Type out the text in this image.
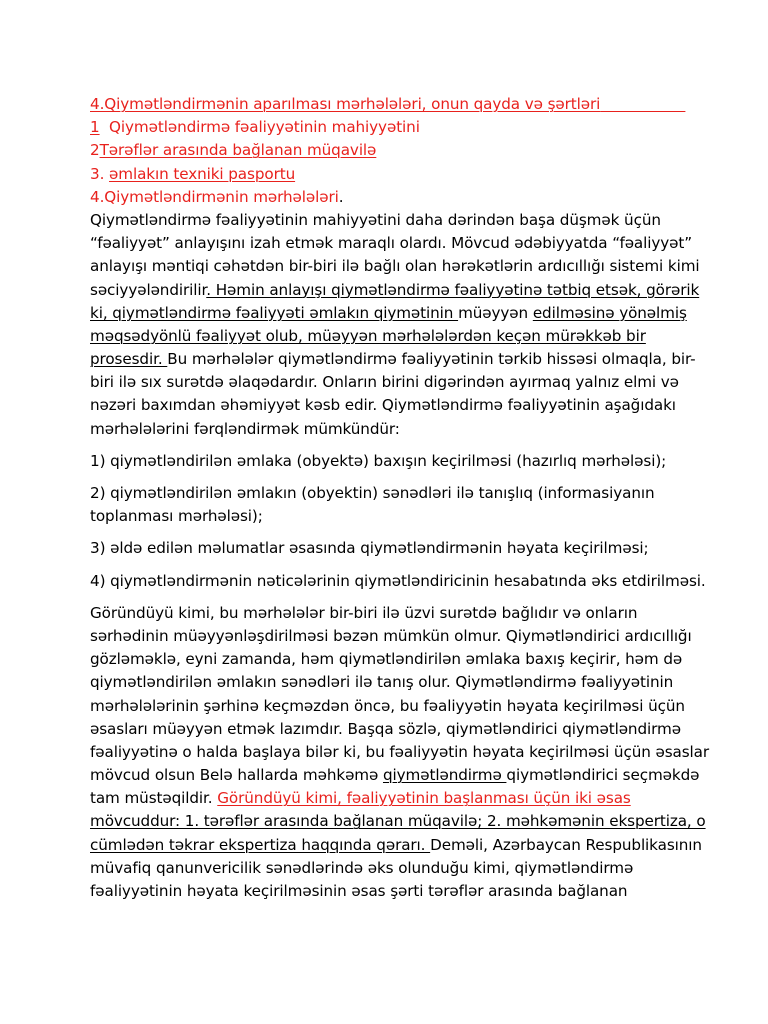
4.Qiymətləndirmənin aparılması mərhələləri, onun qayda və şərtləri
1 Qiymətləndirmə fəaliyyətinin mahiyyətini
2Tərəflər arasında bağlanan müqavilə
3. əmlakın texniki pasportu
4.Qiymətləndirmənin mərhələləri.
Qiymətləndirmə fəaliyyətinin mahiyyətini daha dərindən başa düşmək üçün
“fəaliyyət” anlayışını izah etmək maraqlı olardı. Mövcud ədəbiyyatda “fəaliyyət”
anlayışı məntiqi cəhətdən bir-biri ilə bağlı olan hərəkətlərin ardıcıllığı sistemi kimi
səciyyələndirilir. Həmin anlayışı qiymətləndirmə fəaliyyətinə tətbiq etsək, görərik
ki, qiymətləndirmə fəaliyyəti əmlakın qiymətinin müəyyən edilməsinə yönəlmiş
məqsədyönlü fəaliyyət olub, müəyyən mərhələlərdən keçən mürəkkəb bir
prosesdir. Bu mərhələlər qiymətləndirmə fəaliyyətinin tərkib hissəsi olmaqla, bir-
biri ilə sıx surətdə əlaqədardır. Onların birini digərindən ayırmaq yalnız elmi və
nəzəri baxımdan əhəmiyyət kəsb edir. Qiymətləndirmə fəaliyyətinin aşağıdakı
mərhələlərini fərqləndirmək mümkündür:
1) qiymətləndirilən əmlaka (obyektə) baxışın keçirilməsi (hazırlıq mərhələsi);
2) qiymətləndirilən əmlakın (obyektin) sənədləri ilə tanışlıq (informasiyanın
toplanması mərhələsi);
3) əldə edilən məlumatlar əsasında qiymətləndirmənin həyata keçirilməsi;
4) qiymətləndirmənin nəticələrinin qiymətləndiricinin hesabatında əks etdirilməsi.
Göründüyü kimi, bu mərhələlər bir-biri ilə üzvi surətdə bağlıdır və onların
sərhədinin müəyyənləşdirilməsi bəzən mümkün olmur. Qiymətləndirici ardıcıllığı
gözləməklə, eyni zamanda, həm qiymətləndirilən əmlaka baxış keçirir, həm də
qiymətləndirilən əmlakın sənədləri ilə tanış olur. Qiymətləndirmə fəaliyyətinin
mərhələlərinin şərhinə keçməzdən öncə, bu fəaliyyətin həyata keçirilməsi üçün
əsasları müəyyən etmək lazımdır. Başqa sözlə, qiymətləndirici qiymətləndirmə
fəaliyyətinə o halda başlaya bilər ki, bu fəaliyyətin həyata keçirilməsi üçün əsaslar
mövcud olsun Belə hallarda məhkəmə qiymətləndirmə qiymətləndirici seçməkdə
tam müstəqildir. Göründüyü kimi, fəaliyyətinin başlanması üçün iki əsas
mövcuddur: 1. tərəflər arasında bağlanan müqavilə; 2. məhkəmənin ekspertiza, o
cümlədən təkrar ekspertiza haqqında qərarı. Deməli, Azərbaycan Respublikasının
müvafiq qanunvericilik sənədlərində əks olunduğu kimi, qiymətləndirmə
fəaliyyətinin həyata keçirilməsinin əsas şərti tərəflər arasında bağlanan
